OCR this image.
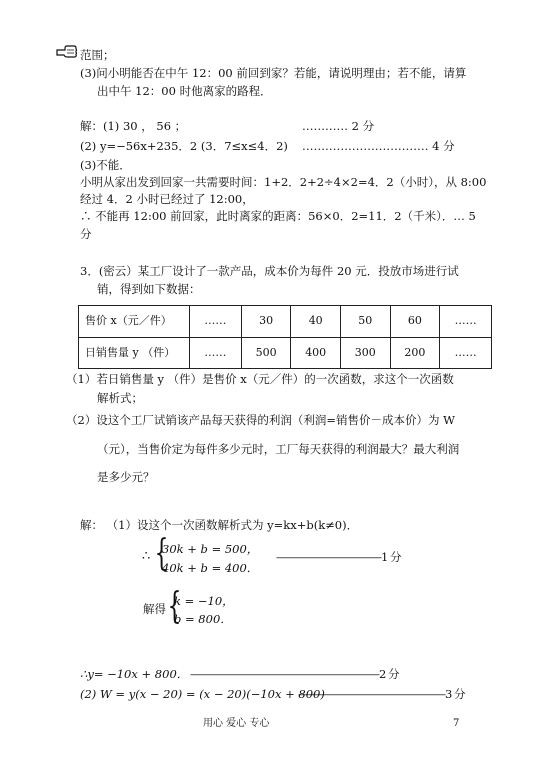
范围；
(3)问小明能否在中午 12：00 前回到家？若能，请说明理由；若不能，请算
出中午 12：00 时他离家的路程．
解：(1) 30 ， 56 ；	………… 2 分
(2) y=−56x+235．2 (3．7≤x≤4．2) …………………………… 4 分
(3)不能．
小明从家出发到回家一共需要时间：1+2．2+2÷4×2=4．2（小时），从 8:00
经过 4．2 小时已经过了 12:00，
∴ 不能再 12:00 前回家，此时离家的距离：56×0．2=11．2（千米）．… 5
分
3．(密云）某工厂设计了一款产品，成本价为每件 20 元．投放市场进行试
销，得到如下数据：
售价 x（元／件）	……	30	40	50	60	……
日销售量 y （件）	……	500	400	300	200	……
（1）若日销售量 y （件）是售价 x（元／件）的一次函数，求这个一次函数
解析式；
（2）设这个工厂试销该产品每天获得的利润（利润=销售价－成本价）为 W
（元），当售价定为每件多少元时，工厂每天获得的利润最大？最大利润
是多少元？
解： （1）设这个一次函数解析式为 y=kx+b(k≠0)．
∴ {
30k + b = 500，
40k + b = 400．
——————————1 分
解得 {
k = −10，
b = 800．
∴y= −10x + 800． ——————————————————2 分
(2) W = y(x − 20) = (x − 20)(−10x + 800)
——————————————3 分
用心 爱心 专心	7
